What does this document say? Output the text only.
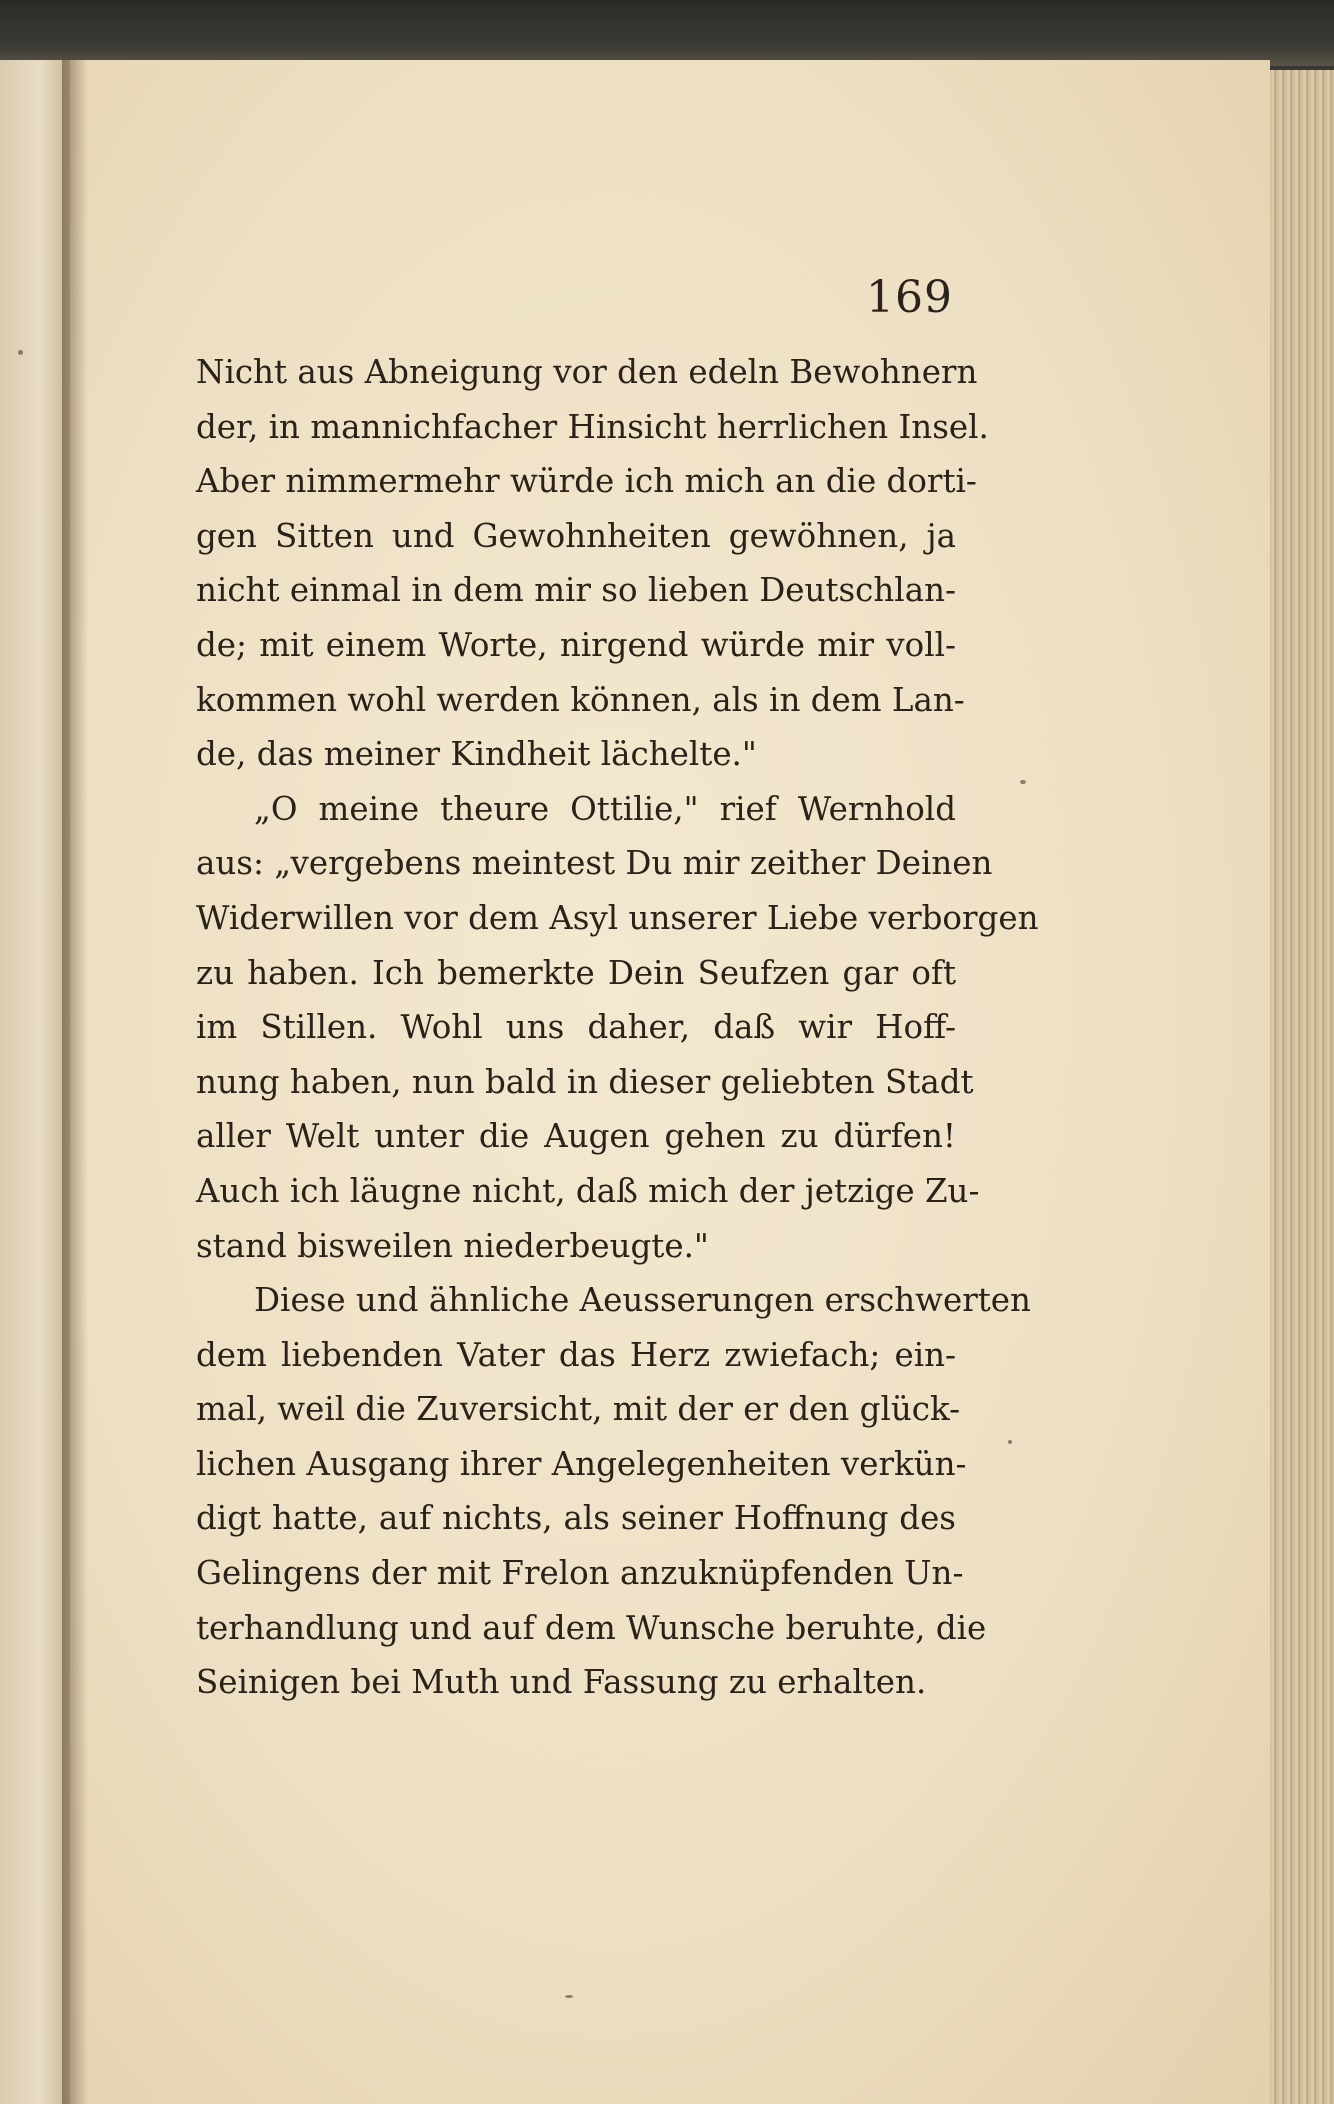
169
Nicht aus Abneigung vor den edeln Bewohnern
der, in mannichfacher Hinsicht herrlichen Insel.
Aber nimmermehr würde ich mich an die dorti-
gen Sitten und Gewohnheiten gewöhnen, ja
nicht einmal in dem mir so lieben Deutschlan-
de; mit einem Worte, nirgend würde mir voll-
kommen wohl werden können, als in dem Lan-
de, das meiner Kindheit lächelte."
„O meine theure Ottilie," rief Wernhold
aus: „vergebens meintest Du mir zeither Deinen
Widerwillen vor dem Asyl unserer Liebe verborgen
zu haben. Ich bemerkte Dein Seufzen gar oft
im Stillen. Wohl uns daher, daß wir Hoff-
nung haben, nun bald in dieser geliebten Stadt
aller Welt unter die Augen gehen zu dürfen!
Auch ich läugne nicht, daß mich der jetzige Zu-
stand bisweilen niederbeugte."
Diese und ähnliche Aeusserungen erschwerten
dem liebenden Vater das Herz zwiefach; ein-
mal, weil die Zuversicht, mit der er den glück-
lichen Ausgang ihrer Angelegenheiten verkün-
digt hatte, auf nichts, als seiner Hoffnung des
Gelingens der mit Frelon anzuknüpfenden Un-
terhandlung und auf dem Wunsche beruhte, die
Seinigen bei Muth und Fassung zu erhalten.
